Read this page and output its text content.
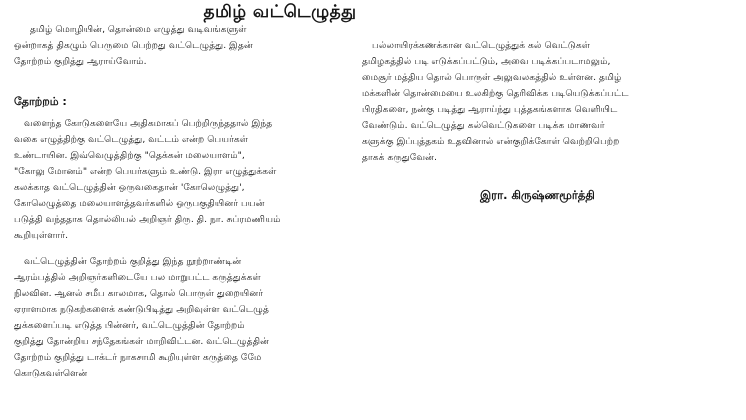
தமிழ் வட்டெழுத்து
தமிழ் மொழியின், தொன்மை எழுத்து வடிவங்களுள்
ஒன்றாகத் திகழும் பெருமை பெற்றது வட்டெழுத்து. இதன்
தோற்றம் குறித்து ஆராய்வோம்.
தோற்றம் :
வளைந்த கோடுகளையே அதிகமாகப் பெற்றிருந்ததால் இந்த
வகை எழுத்திற்கு வட்டெழுத்து, வட்டம் என்ற பெயர்கள்
உண்டாயின. இவ்வெழுத்திற்கு "தெக்கன் மலையாளம்",
"கோலு மோனம்" என்ற பெயர்களும் உண்டு. இரா எழுத்துக்கள்
கலக்காத வட்டெழுத்தின் ஒருவகைதான் 'கோலெழுத்து',
கோலெழுத்தை மலையாளத்தவர்களில் ஒருபகுதியினர் பயன்
படுத்தி வந்ததாக தொல்லியல் அறிஞர் திரு. தி. நா. சுப்ரமணியம்
கூறியுள்ளார்.
வட்டெழுத்தின் தோற்றம் குறித்து இந்த நூற்றாண்டின்
ஆரம்பத்தில் அறிஞர்களிடையே பல மாறுபட்ட கருத்துக்கள்
நிலவின. ஆனல் சமீப காலமாக, தொல் பொருள் துறையினர்
ஏராளமாக நடுகற்களைக் கண்டுபிடித்து அறிவுள்ள வட்டெழுத்
துக்களைப்படி எடுத்த பின்னர், வட்டெழுத்தின் தோற்றம்
குறித்து தோன்றிய சந்தேகங்கள் மாறிவிட்டன. வட்டெழுத்தின்
தோற்றம் குறித்து டாக்டர் நாகசாமி கூறியுள்ள கருத்தை மேே
கொடுகவள்ளென்
பல்லாயிரக்கணக்கான வட்டெழுத்துக் கல் வெட்டுகள்
தமிழகத்தில் படி எடுக்கப்பட்டும், அவை படிக்கப்படாமலும்,
மைசூர் மத்திய தொல் பொருள் அலுவலகத்தில் உள்ளன. தமிழ்
மக்களின் தொன்மையை உலகிற்கு தெரிவிக்க படியெடுக்கப்பட்ட
பிரதிகளை, நன்கு படித்து ஆராய்ந்து புத்தகங்களாக வெளியிட
வேண்டும். வட்டெழுத்து கல்வெட்டுகளை படிக்க மாணவர்
களுக்கு இப்புத்தகம் உதவினால் என்குறிக்கோள் வெற்றிபெற்ற
தாகக் கருதுவேன்.
இரா. கிருஷ்ணமூர்த்தி
